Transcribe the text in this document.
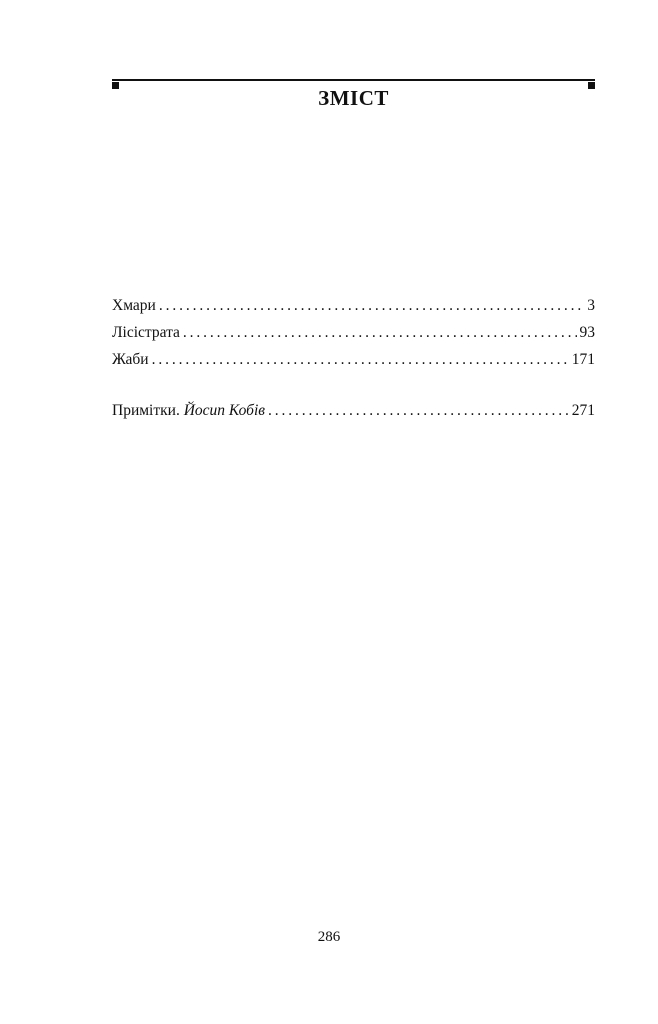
ЗМІСТ
Хмари . . .	3
Лісістрата . . .	93
Жаби . . .	171
Примітки. Йосип Кобів . . .	271
286
